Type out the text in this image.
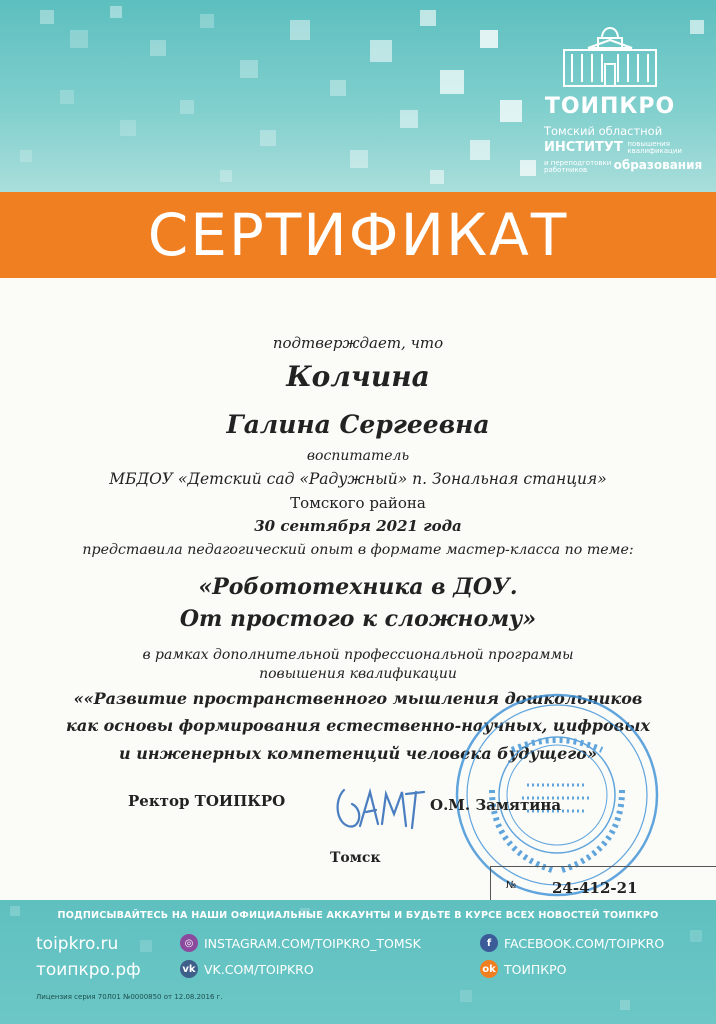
ТОИПКРО
Томский областной
ИНСТИТУТ повышения
квалификации
и переподготовки
работников образования
СЕРТИФИКАТ
подтверждает, что
Колчина
Галина Сергеевна
воспитатель
МБДОУ «Детский сад «Радужный» п. Зональная станция»
Томского района
30 сентября 2021 года
представила педагогический опыт в формате мастер-класса по теме:
«Робототехника в ДОУ.
От простого к сложному»
в рамках дополнительной профессиональной программы
повышения квалификации
««Развитие пространственного мышления дошкольников
как основы формирования естественно-научных, цифровых
и инженерных компетенций человека будущего»
Ректор ТОИПКРО	О.М. Замятина
Томск
№ 24-412-21
ПОДПИСЫВАЙТЕСЬ НА НАШИ ОФИЦИАЛЬНЫЕ АККАУНТЫ И БУДЬТЕ В КУРСЕ ВСЕХ НОВОСТЕЙ ТОИПКРО
toipkro.ru
тоипкро.рф
◎ INSTAGRAM.COM/TOIPKRO_TOMSK
vk VK.COM/TOIPKRO
f	FACEBOOK.COM/TOIPKRO
ok ТОИПКРО
Лицензия серия 70Л01 №0000850 от 12.08.2016 г.
